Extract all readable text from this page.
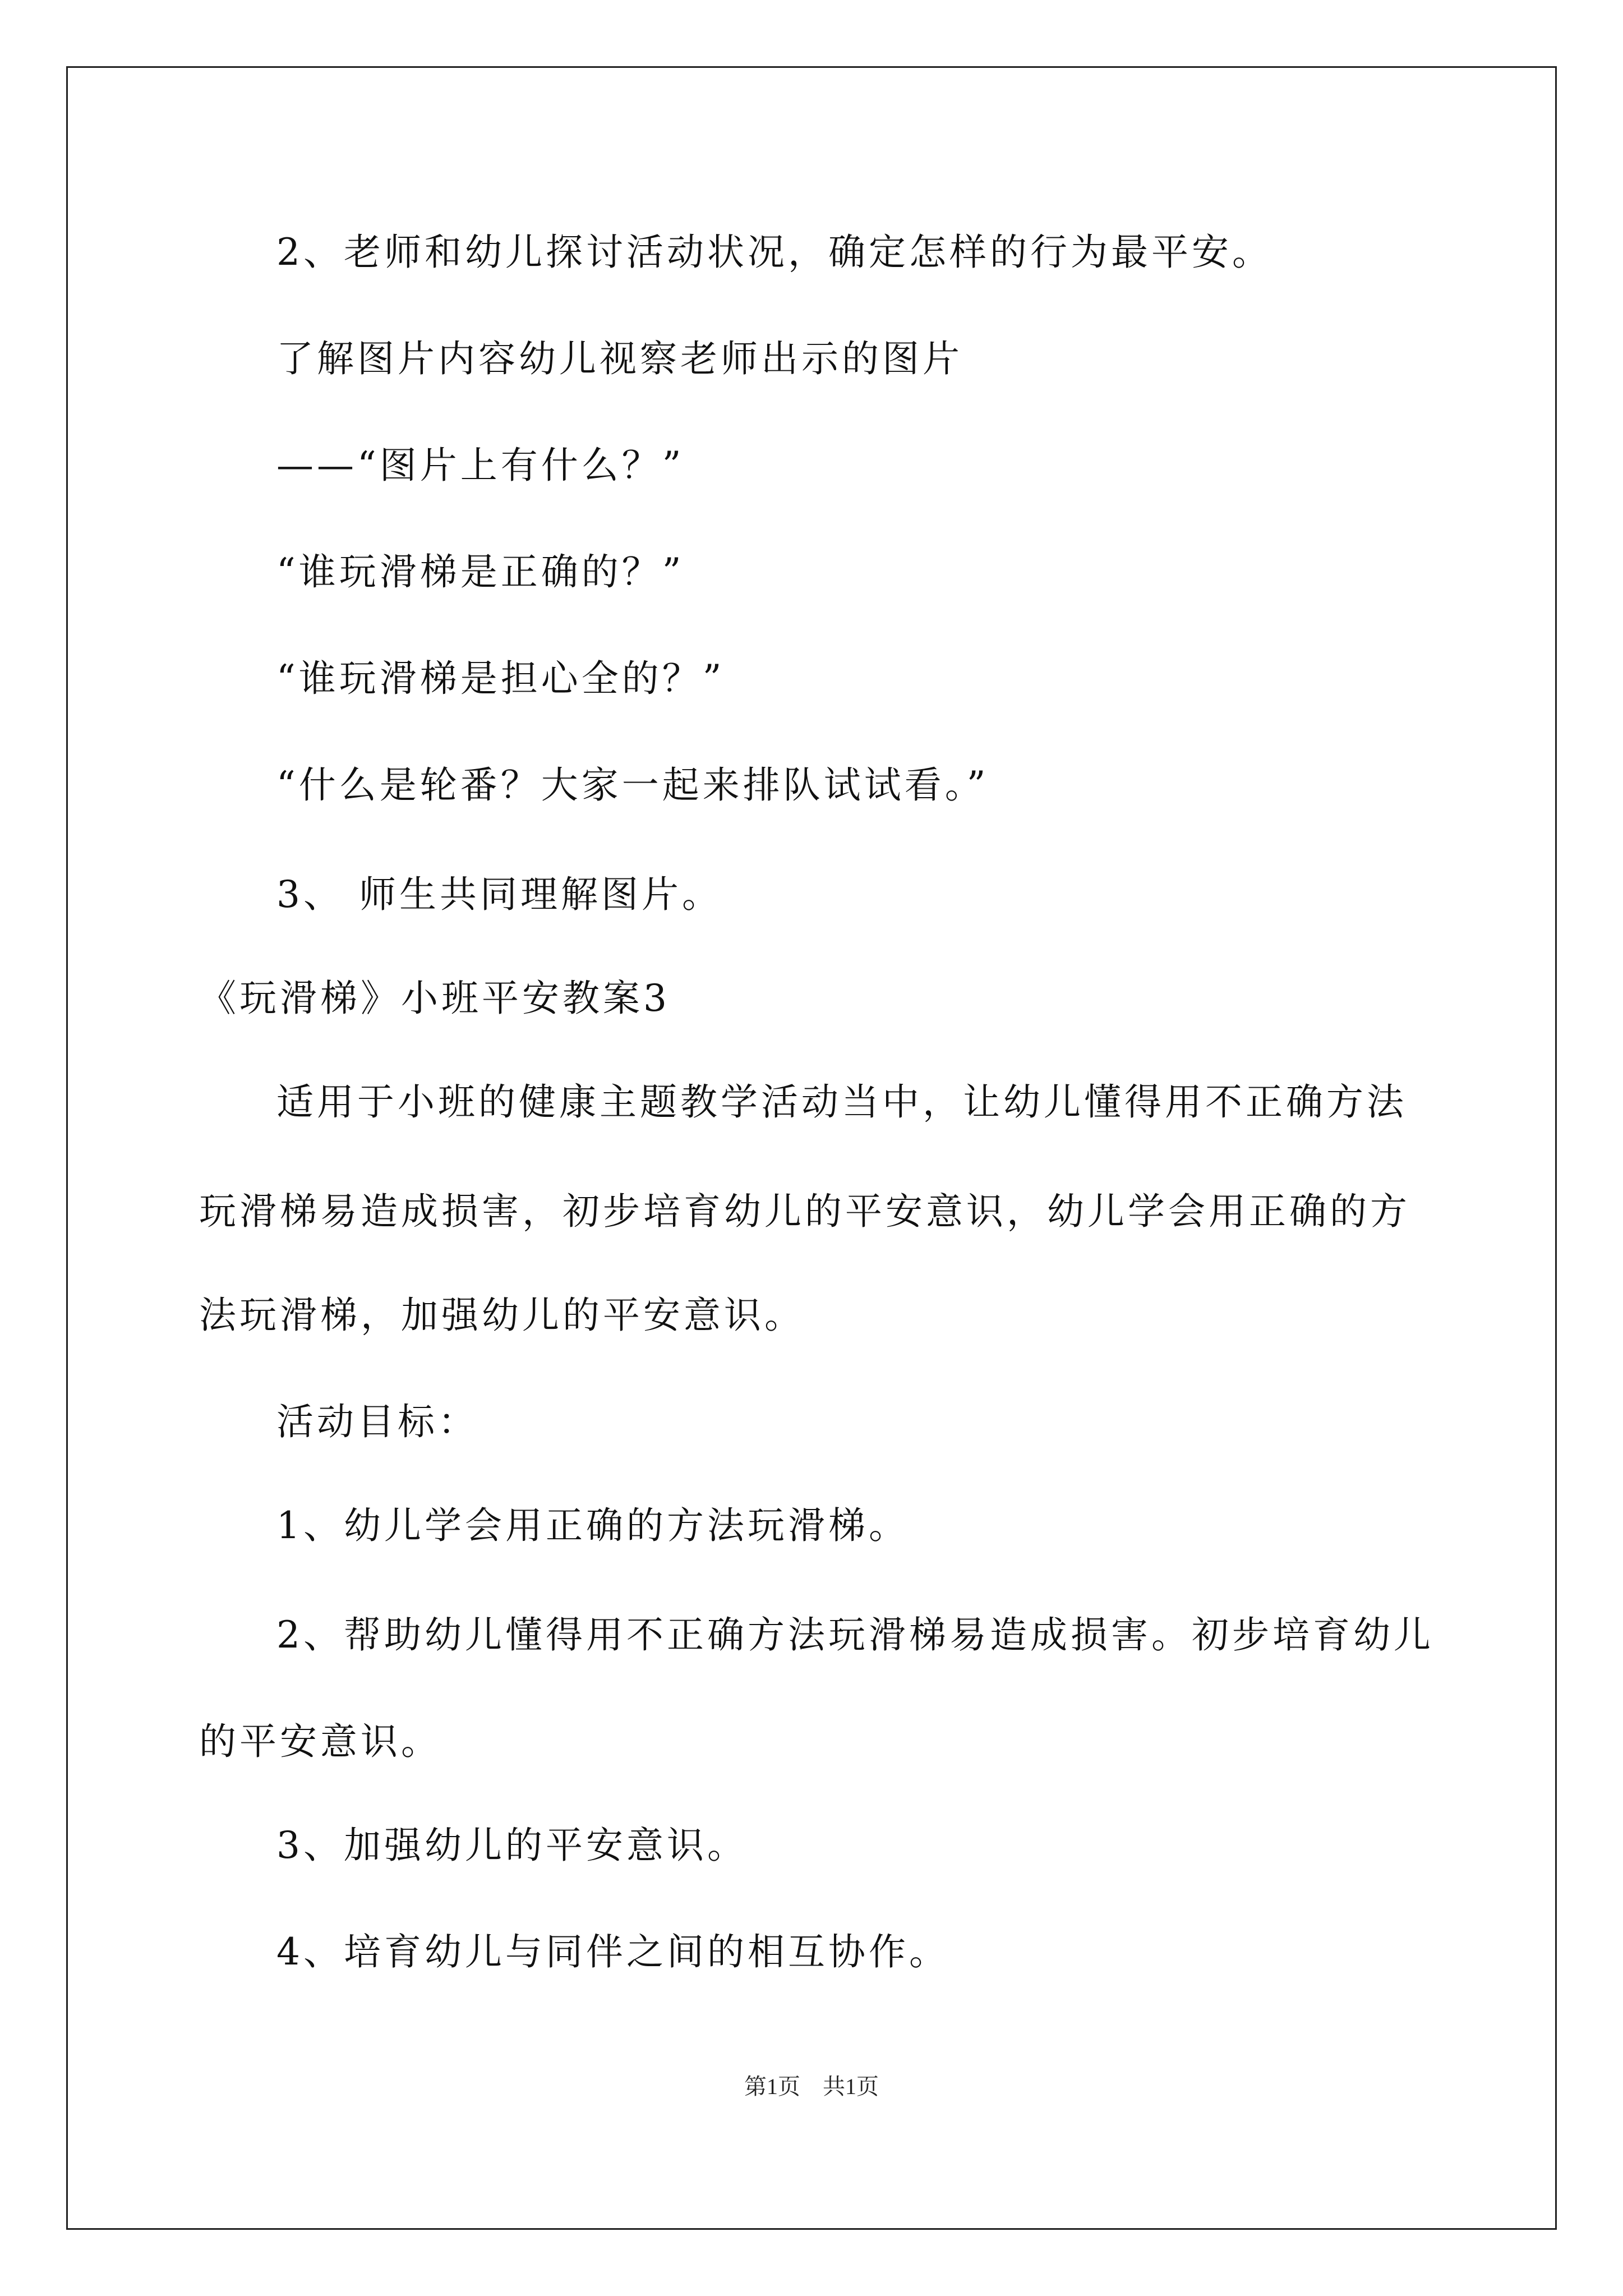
2、老师和幼儿探讨活动状况，确定怎样的行为最平安。
了解图片内容幼儿视察老师出示的图片
——“图片上有什么？”
“谁玩滑梯是正确的？”
“谁玩滑梯是担心全的？”
“什么是轮番？大家一起来排队试试看。”
3、 师生共同理解图片。
《玩滑梯》小班平安教案3
适用于小班的健康主题教学活动当中，让幼儿懂得用不正确方法
玩滑梯易造成损害，初步培育幼儿的平安意识，幼儿学会用正确的方
法玩滑梯，加强幼儿的平安意识。
活动目标：
1、幼儿学会用正确的方法玩滑梯。
2、帮助幼儿懂得用不正确方法玩滑梯易造成损害。初步培育幼儿
的平安意识。
3、加强幼儿的平安意识。
4、培育幼儿与同伴之间的相互协作。
第1页　共1页
